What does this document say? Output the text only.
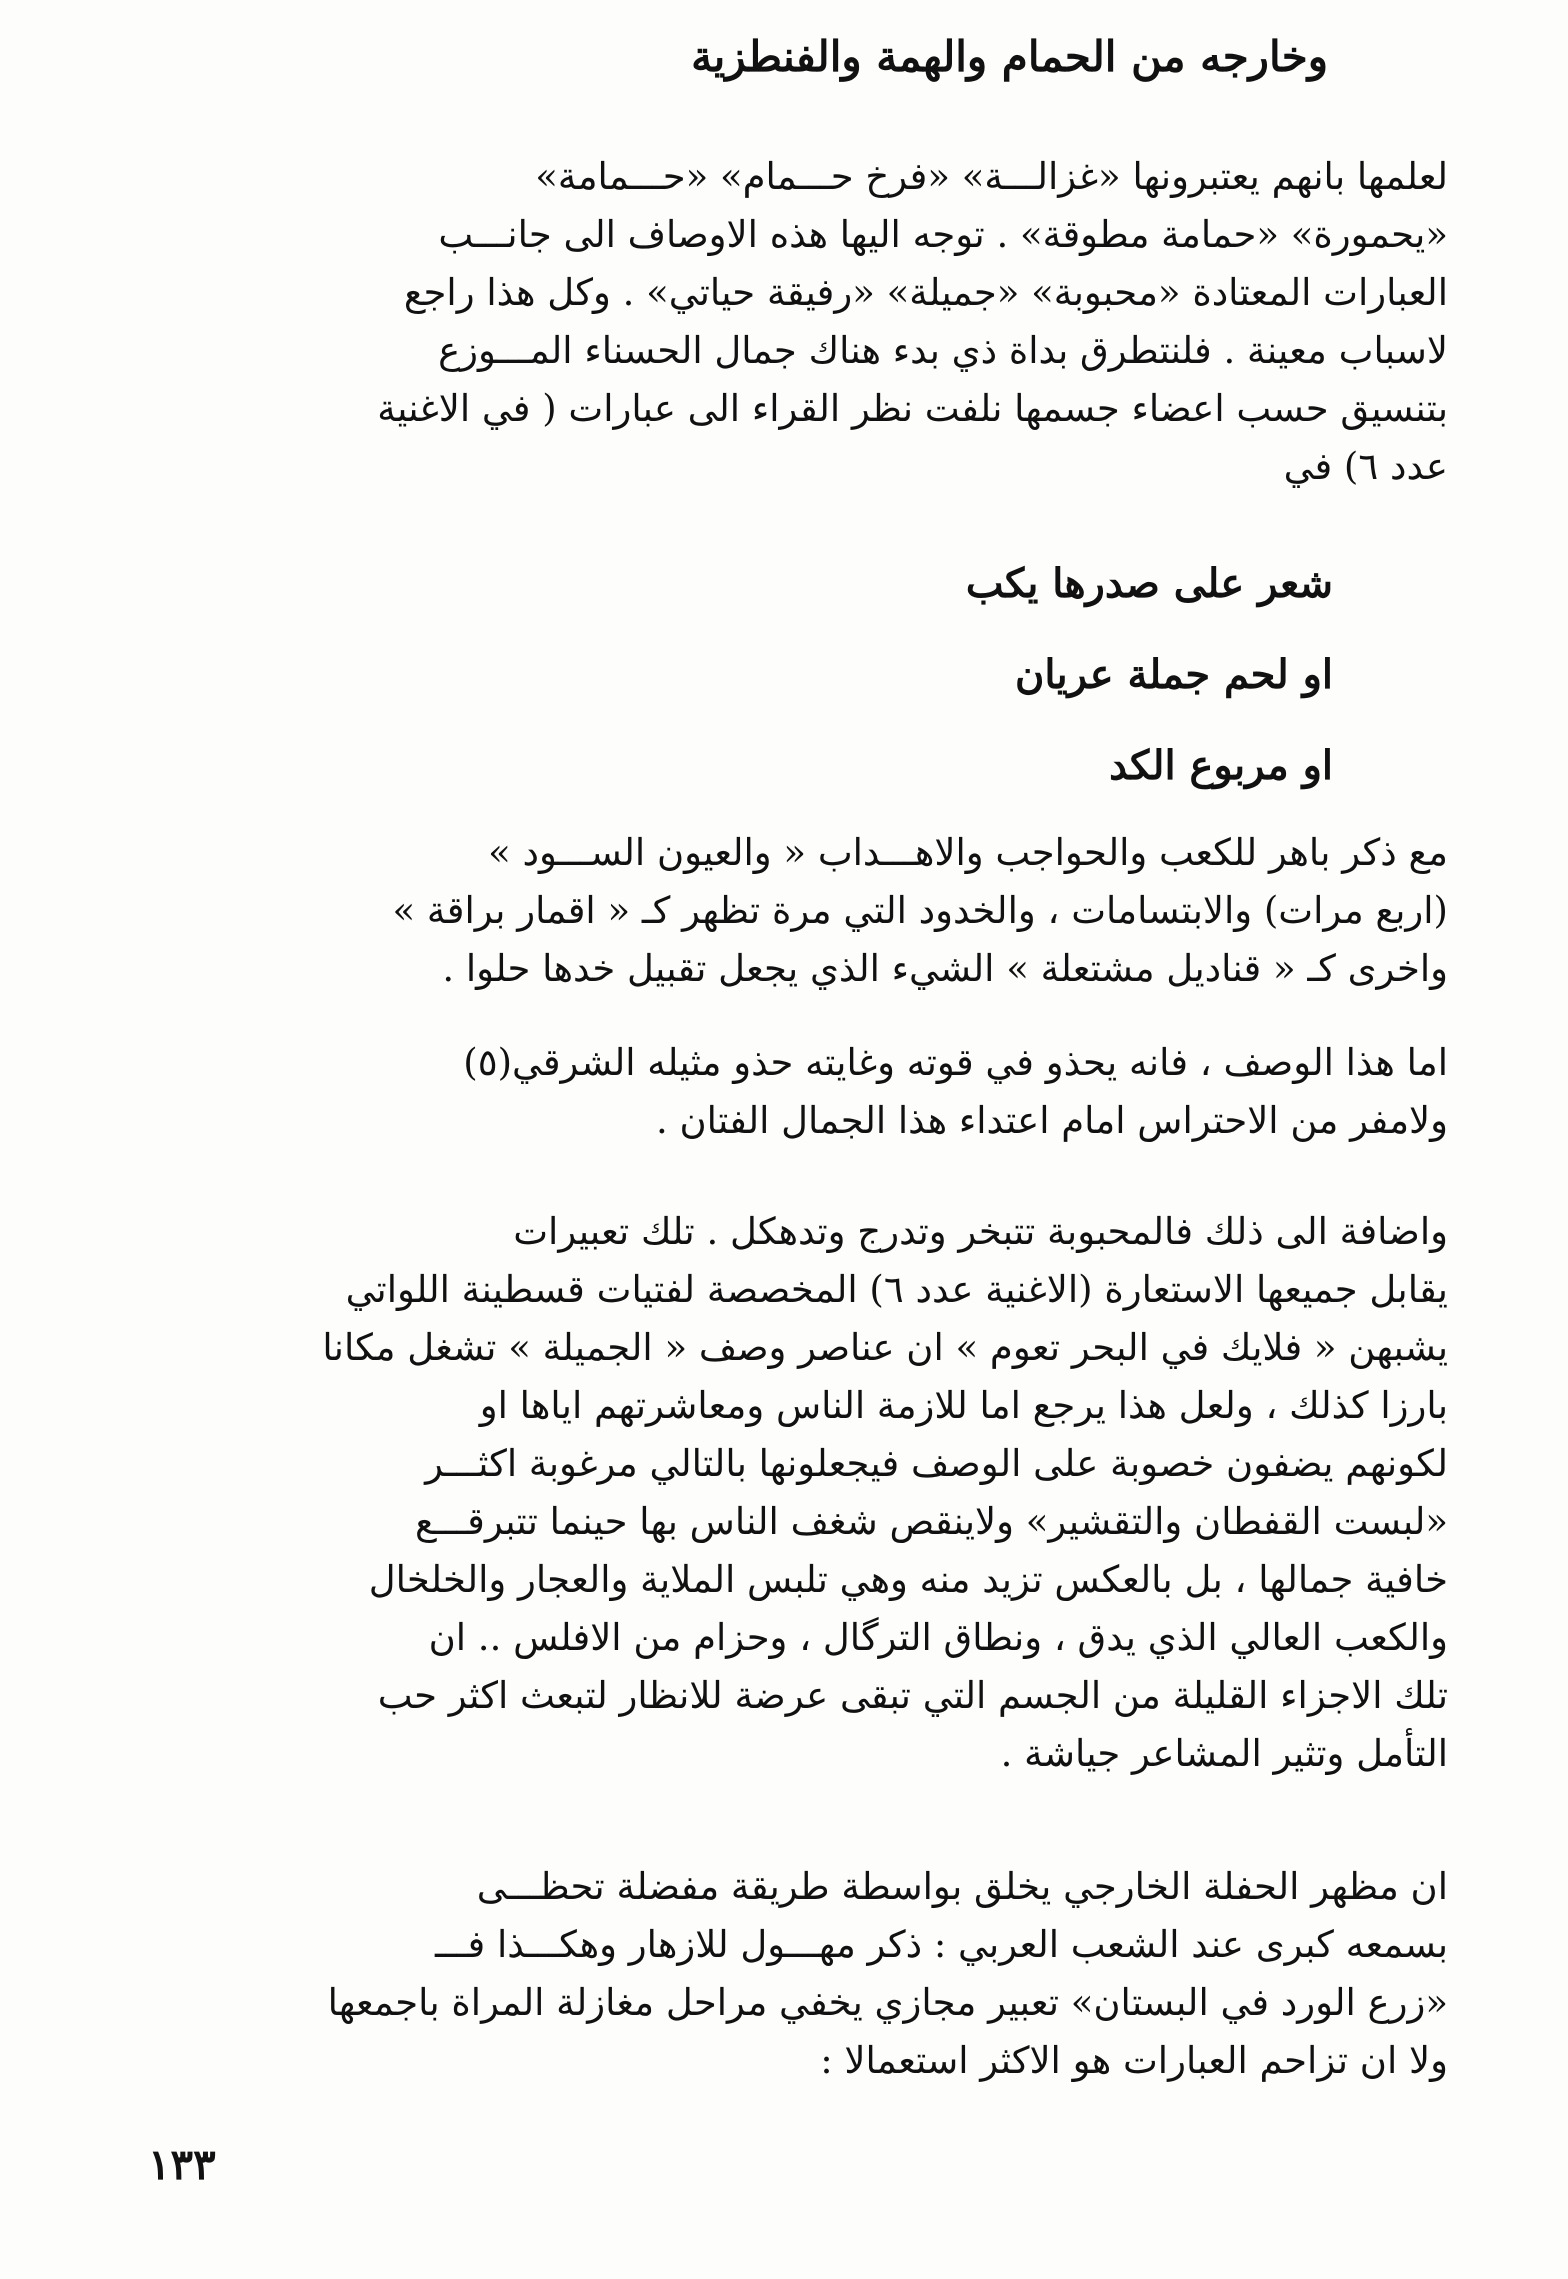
وخارجه من الحمام والهمة والفنطزية
لعلمها بانهم يعتبرونها «غزالـــة» «فرخ حـــمام» «حـــمامة»
«يحمورة» «حمامة مطوقة» . توجه اليها هذه الاوصاف الى جانـــب
العبارات المعتادة «محبوبة» «جميلة» «رفيقة حياتي» . وكل هذا راجع
لاسباب معينة . فلنتطرق بداة ذي بدء هناك جمال الحسناء المـــوزع
بتنسيق حسب اعضاء جسمها نلفت نظر القراء الى عبارات ( في الاغنية
عدد ٦) في
شعر على صدرها يكب
او لحم جملة عريان
او مربوع الكد
مع ذكر باهر للكعب والحواجب والاهـــداب « والعيون الســـود »
(اربع مرات) والابتسامات ، والخدود التي مرة تظهر كـ « اقمار براقة »
واخرى كـ « قناديل مشتعلة » الشيء الذي يجعل تقبيل خدها حلوا .
اما هذا الوصف ، فانه يحذو في قوته وغايته حذو مثيله الشرقي(٥)
ولامفر من الاحتراس امام اعتداء هذا الجمال الفتان .
واضافة الى ذلك فالمحبوبة تتبخر وتدرج وتدهكل . تلك تعبيرات
يقابل جميعها الاستعارة (الاغنية عدد ٦) المخصصة لفتيات قسطينة اللواتي
يشبهن « فلايك في البحر تعوم » ان عناصر وصف « الجميلة » تشغل مكانا
بارزا كذلك ، ولعل هذا يرجع اما للازمة الناس ومعاشرتهم اياها او
لكونهم يضفون خصوبة على الوصف فيجعلونها بالتالي مرغوبة اكثـــر
«لبست القفطان والتقشير» ولاينقص شغف الناس بها حينما تتبرقـــع
خافية جمالها ، بل بالعكس تزيد منه وهي تلبس الملاية والعجار والخلخال
والكعب العالي الذي يدق ، ونطاق الترگال ، وحزام من الافلس .. ان
تلك الاجزاء القليلة من الجسم التي تبقى عرضة للانظار لتبعث اكثر حب
التأمل وتثير المشاعر جياشة .
ان مظهر الحفلة الخارجي يخلق بواسطة طريقة مفضلة تحظـــى
بسمعه كبرى عند الشعب العربي : ذكر مهـــول للازهار وهكـــذا فـــ
«زرع الورد في البستان» تعبير مجازي يخفي مراحل مغازلة المراة باجمعها
ولا ان تزاحم العبارات هو الاكثر استعمالا :
١٣٣
